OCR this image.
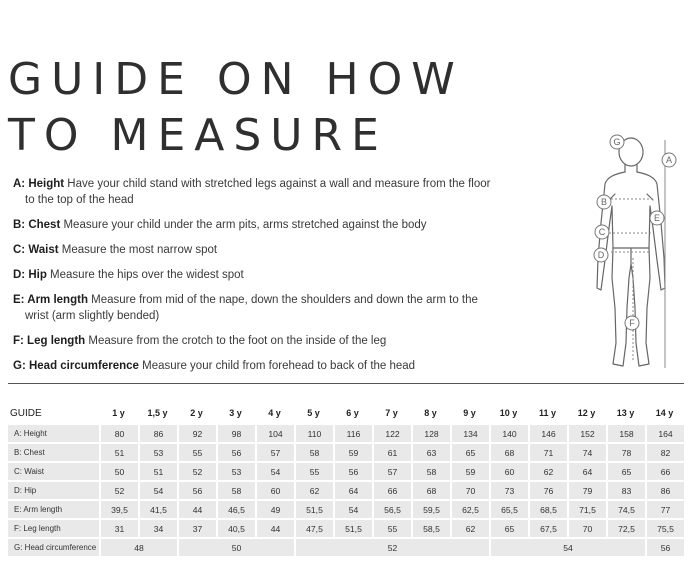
GUIDE ON HOW
TO MEASURE

A: Height Have your child stand with stretched legs against a wall and measure from the floor
to the top of the head

B: Chest Measure your child under the arm pits, arms stretched against the body

C: Waist Measure the most narrow spot

D: Hip Measure the hips over the widest spot

E: Arm length Measure from mid of the nape, down the shoulders and down the arm to the
wrist (arm slightly bended)

F: Leg length Measure from the crotch to the foot on the inside of the leg

G: Head circumference Measure your child from forehead to back of the head

G
A
B
E
C
D
F
GUIDE	1 y	1,5 y	2 y	3 y	4 y	5 y	6 y	7 y	8 y	9 y	10 y	11 y	12 y	13 y	14 y
A: Height	80	86	92	98	104	110	116	122	128	134	140	146	152	158	164
B: Chest	51	53	55	56	57	58	59	61	63	65	68	71	74	78	82
C: Waist	50	51	52	53	54	55	56	57	58	59	60	62	64	65	66
D: Hip	52	54	56	58	60	62	64	66	68	70	73	76	79	83	86
E: Arm length	39,5	41,5	44	46,5	49	51,5	54	56,5	59,5	62,5	65,5	68,5	71,5	74,5	77
F: Leg length	31	34	37	40,5	44	47,5	51,5	55	58,5	62	65	67,5	70	72,5	75,5
G: Head circumference	48		50			52					54				56
